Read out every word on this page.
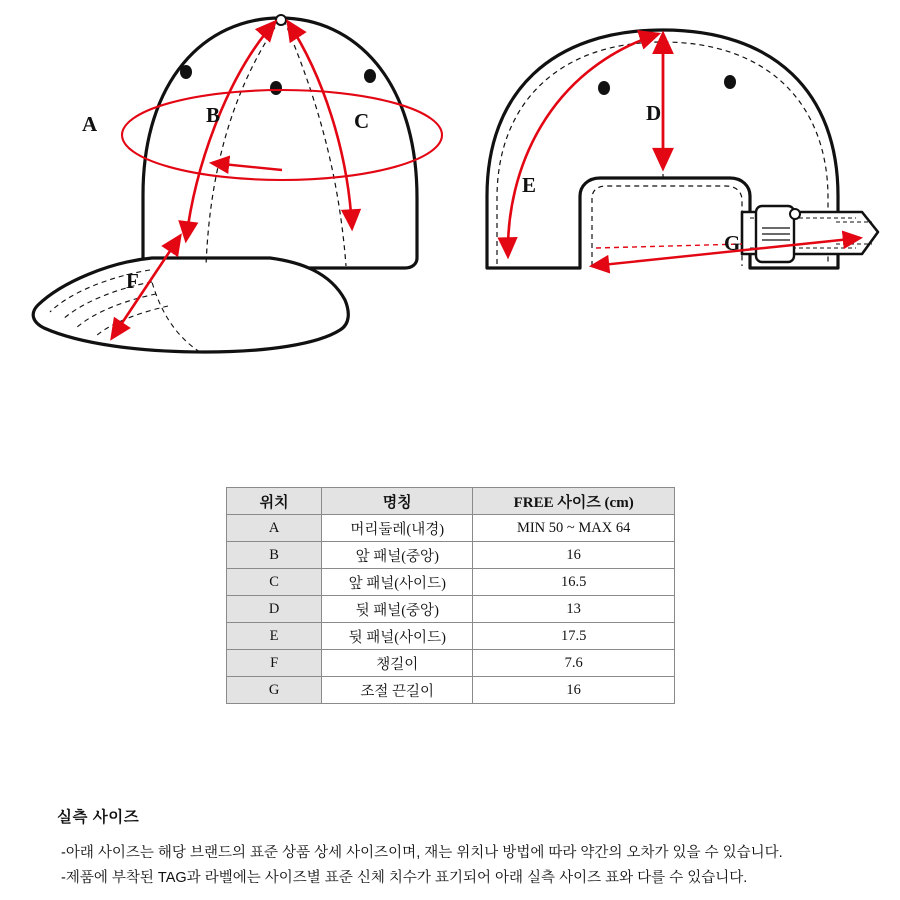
A	B	C
F
D
E
G
위치	명칭	FREE 사이즈 (cm)
A	머리둘레(내경)	MIN 50 ~ MAX 64
B	앞 패널(중앙)	16
C	앞 패널(사이드)	16.5
D	뒷 패널(중앙)	13
E	뒷 패널(사이드)	17.5
F	챙길이	7.6
G	조절 끈길이	16

실측 사이즈

-아래 사이즈는 해당 브랜드의 표준 상품 상세 사이즈이며, 재는 위치나 방법에 따라 약간의 오차가 있을 수 있습니다.

-제품에 부착된 TAG과 라벨에는 사이즈별 표준 신체 치수가 표기되어 아래 실측 사이즈 표와 다를 수 있습니다.
